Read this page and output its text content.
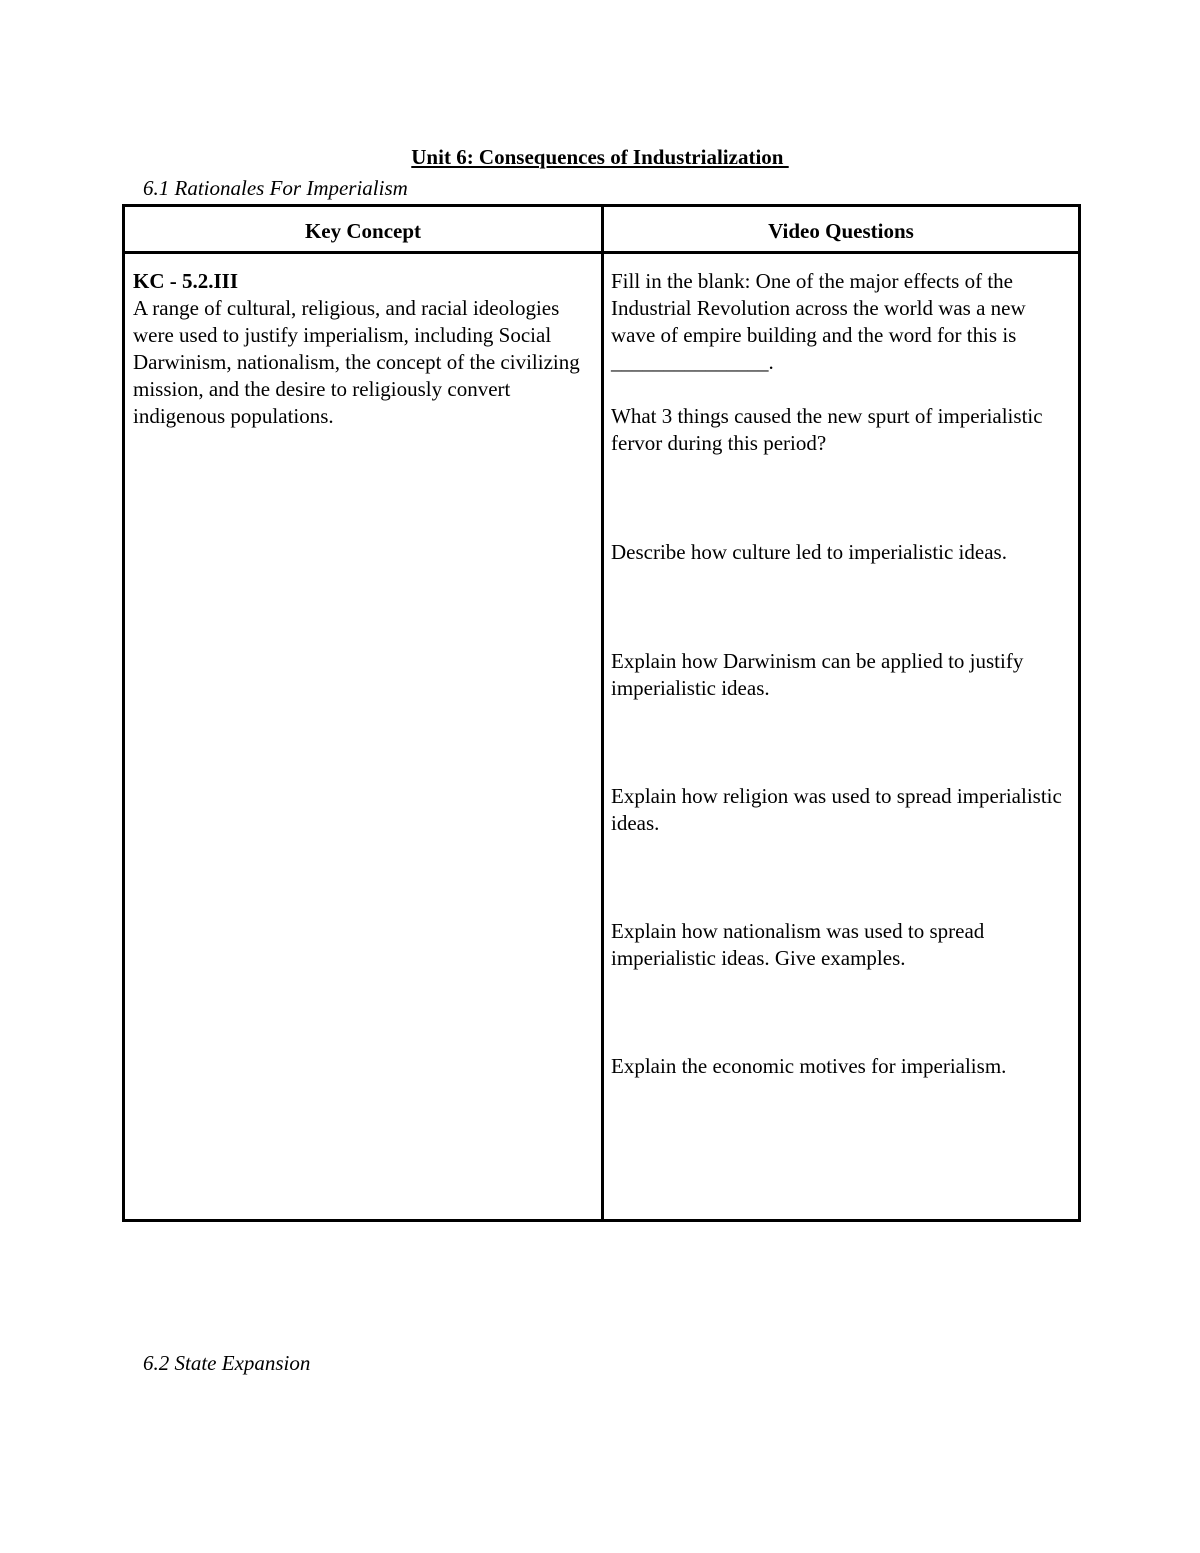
Unit 6: Consequences of Industrialization
6.1 Rationales For Imperialism
Key Concept	Video Questions
KC - 5.2.III
A range of cultural, religious, and racial ideologies were used to justify imperialism, including Social Darwinism, nationalism, the concept of the civilizing mission, and the desire to religiously convert indigenous populations.
Fill in the blank: One of the major effects of the Industrial Revolution across the world was a new wave of empire building and the word for this is _______________.
What 3 things caused the new spurt of imperialistic fervor during this period?
Describe how culture led to imperialistic ideas.
Explain how Darwinism can be applied to justify imperialistic ideas.
Explain how religion was used to spread imperialistic ideas.
Explain how nationalism was used to spread imperialistic ideas. Give examples.
Explain the economic motives for imperialism.
6.2 State Expansion
